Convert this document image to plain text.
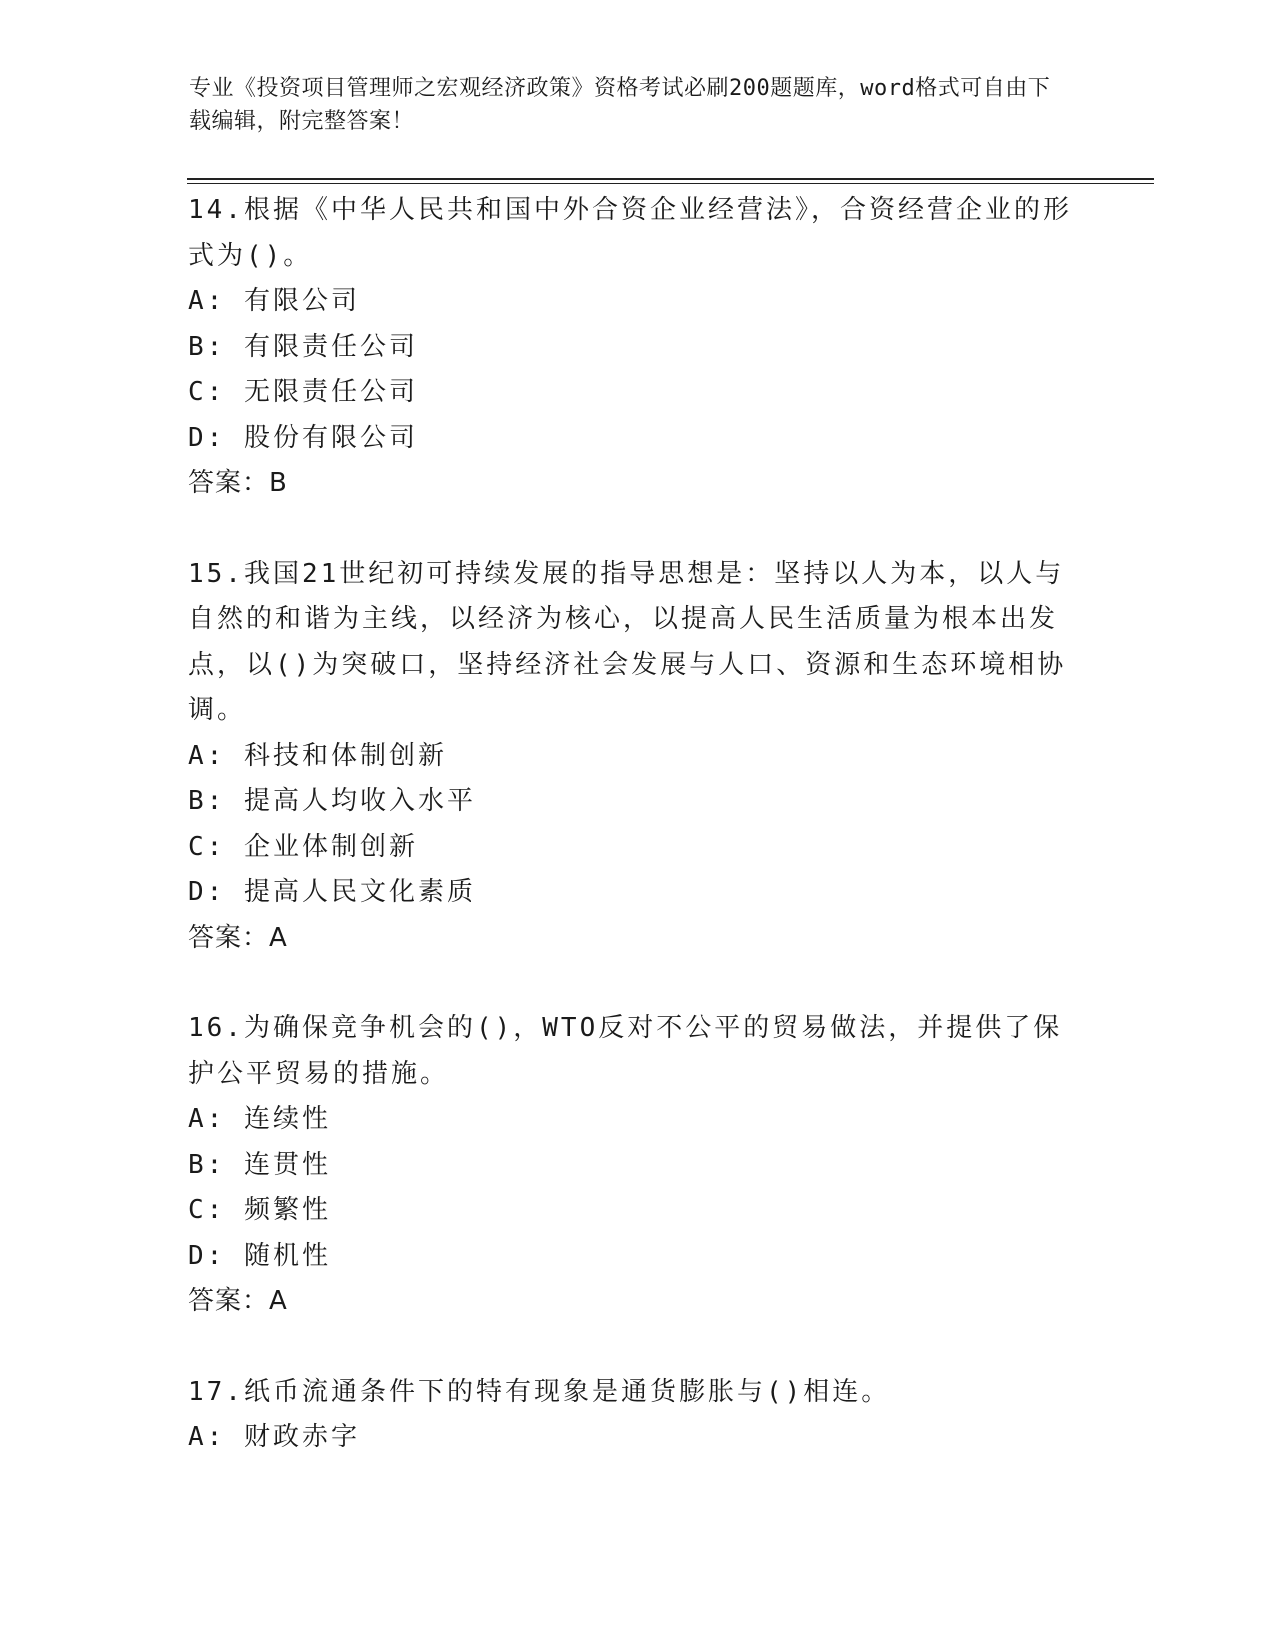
专业《投资项目管理师之宏观经济政策》资格考试必刷200题题库，word格式可自由下载编辑，附完整答案！

14.根据《中华人民共和国中外合资企业经营法》，合资经营企业的形式为()。

A: 有限公司

B: 有限责任公司

C: 无限责任公司

D: 股份有限公司

答案：B

15.我国21世纪初可持续发展的指导思想是：坚持以人为本，以人与自然的和谐为主线，以经济为核心，以提高人民生活质量为根本出发点，以()为突破口，坚持经济社会发展与人口、资源和生态环境相协调。

A: 科技和体制创新

B: 提高人均收入水平

C: 企业体制创新

D: 提高人民文化素质

答案：A

16.为确保竞争机会的()，WTO反对不公平的贸易做法，并提供了保护公平贸易的措施。

A: 连续性

B: 连贯性

C: 频繁性

D: 随机性

答案：A

17.纸币流通条件下的特有现象是通货膨胀与()相连。

A: 财政赤字
